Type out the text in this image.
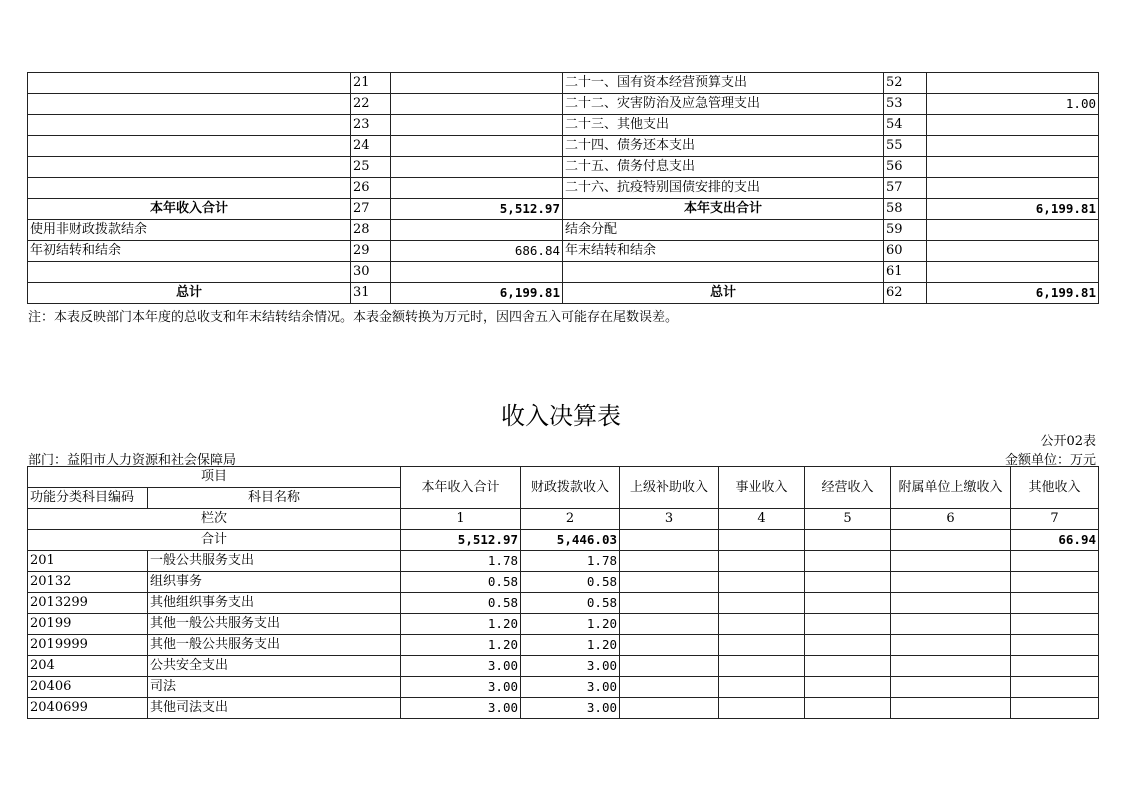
	21		二十一、国有资本经营预算支出	52	
	22		二十二、灾害防治及应急管理支出	53	1.00
	23		二十三、其他支出	54	
	24		二十四、债务还本支出	55	
	25		二十五、债务付息支出	56	
	26		二十六、抗疫特别国债安排的支出	57	
本年收入合计	27	5,512.97	本年支出合计	58	6,199.81
使用非财政拨款结余	28		结余分配	59	
年初结转和结余	29	686.84	年末结转和结余	60	
	30			61	
总计	31	6,199.81	总计	62	6,199.81
注：本表反映部门本年度的总收支和年末结转结余情况。本表金额转换为万元时，因四舍五入可能存在尾数误差。
收入决算表
公开02表
部门：益阳市人力资源和社会保障局	金额单位：万元
项目		本年收入合计	财政拨款收入	上级补助收入	事业收入	经营收入	附属单位上缴收入	其他收入
功能分类科目编码	科目名称							
栏次		1	2	3	4	5	6	7
合计		5,512.97	5,446.03					66.94
201	一般公共服务支出	1.78	1.78					
20132	组织事务	0.58	0.58					
2013299	其他组织事务支出	0.58	0.58					
20199	其他一般公共服务支出	1.20	1.20					
2019999	其他一般公共服务支出	1.20	1.20					
204	公共安全支出	3.00	3.00					
20406	司法	3.00	3.00					
2040699	其他司法支出	3.00	3.00					
